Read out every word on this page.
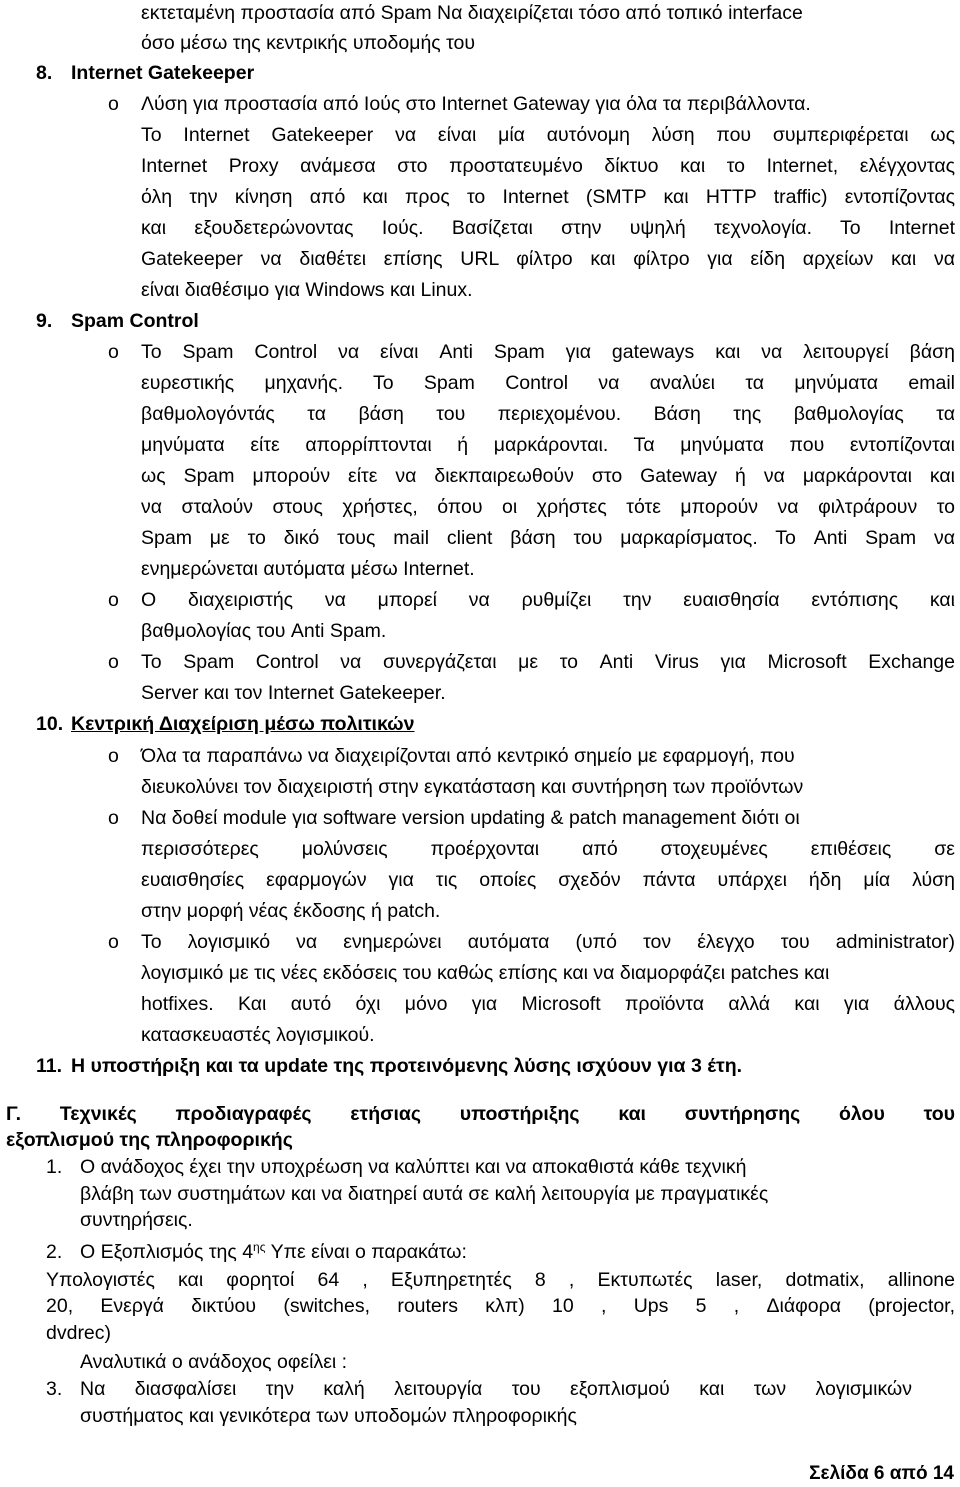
εκτεταμένη προστασία από Spam Να διαχειρίζεται τόσο από τοπικό interface
όσο μέσω της κεντρικής υποδομής του
8. Internet Gatekeeper
o Λύση για προστασία από Ιούς στο Internet Gateway για όλα τα περιβάλλοντα.
Το Internet Gatekeeper να είναι μία αυτόνομη λύση που συμπεριφέρεται ως
Internet Proxy ανάμεσα στο προστατευμένο δίκτυο και το Internet, ελέγχοντας
όλη την κίνηση από και προς το Internet (SMTP και HTTP traffic) εντοπίζοντας
και εξουδετερώνοντας Ιούς. Βασίζεται στην υψηλή τεχνολογία. Το Internet
Gatekeeper να διαθέτει επίσης URL φίλτρο και φίλτρο για είδη αρχείων και να
είναι διαθέσιμο για Windows και Linux.
9. Spam Control
o Το Spam Control να είναι Anti Spam για gateways και να λειτουργεί βάση
ευρεστικής μηχανής. Το Spam Control να αναλύει τα μηνύματα email
βαθμολογόντάς τα βάση του περιεχομένου. Βάση της βαθμολογίας τα
μηνύματα είτε απορρίπτονται ή μαρκάρονται. Τα μηνύματα που εντοπίζονται
ως Spam μπορούν είτε να διεκπαιρεωθούν στο Gateway ή να μαρκάρονται και
να σταλούν στους χρήστες, όπου οι χρήστες τότε μπορούν να φιλτράρουν το
Spam με το δικό τους mail client βάση του μαρκαρίσματος. Το Anti Spam να
ενημερώνεται αυτόματα μέσω Internet.
o Ο διαχειριστής να μπορεί να ρυθμίζει την ευαισθησία εντόπισης και
βαθμολογίας του Anti Spam.
o Το Spam Control να συνεργάζεται με το Anti Virus για Microsoft Exchange
Server και τον Internet Gatekeeper.
10. Κεντρική Διαχείριση μέσω πολιτικών
o Όλα τα παραπάνω να διαχειρίζονται από κεντρικό σημείο με εφαρμογή, που
διευκολύνει τον διαχειριστή στην εγκατάσταση και συντήρηση των προϊόντων
o Να δοθεί module για software version updating & patch management διότι οι
περισσότερες μολύνσεις προέρχονται από στοχευμένες επιθέσεις σε
ευαισθησίες εφαρμογών για τις οποίες σχεδόν πάντα υπάρχει ήδη μία λύση
στην μορφή νέας έκδοσης ή patch.
o Το λογισμικό να ενημερώνει αυτόματα (υπό τον έλεγχο του administrator)
λογισμικό με τις νέες εκδόσεις του καθώς επίσης και να διαμορφάζει patches και
hotfixes. Και αυτό όχι μόνο για Microsoft προϊόντα αλλά και για άλλους
κατασκευαστές λογισμικού.
11. Η υποστήριξη και τα update της προτεινόμενης λύσης ισχύουν για 3 έτη.
Γ. Τεχνικές προδιαγραφές ετήσιας υποστήριξης και συντήρησης όλου του
εξοπλισμού της πληροφορικής
1. Ο ανάδοχος έχει την υποχρέωση να καλύπτει και να αποκαθιστά κάθε τεχνική
βλάβη των συστημάτων και να διατηρεί αυτά σε καλή λειτουργία με πραγματικές
συντηρήσεις.
2. Ο Εξοπλισμός της $4^{\eta\varsigma}$ Υπε είναι ο παρακάτω:
Υπολογιστές και φορητοί 64 , Εξυπηρετητές 8 , Εκτυπωτές laser, dotmatix, allinone
20, Ενεργά δικτύου (switches, routers κλπ) 10 , Ups 5 , Διάφορα (projector,
dvdrec)
Αναλυτικά ο ανάδοχος οφείλει :
3. Να διασφαλίσει την καλή λειτουργία του εξοπλισμού και των λογισμικών
συστήματος και γενικότερα των υποδομών πληροφορικής
Σελίδα 6 από 14
